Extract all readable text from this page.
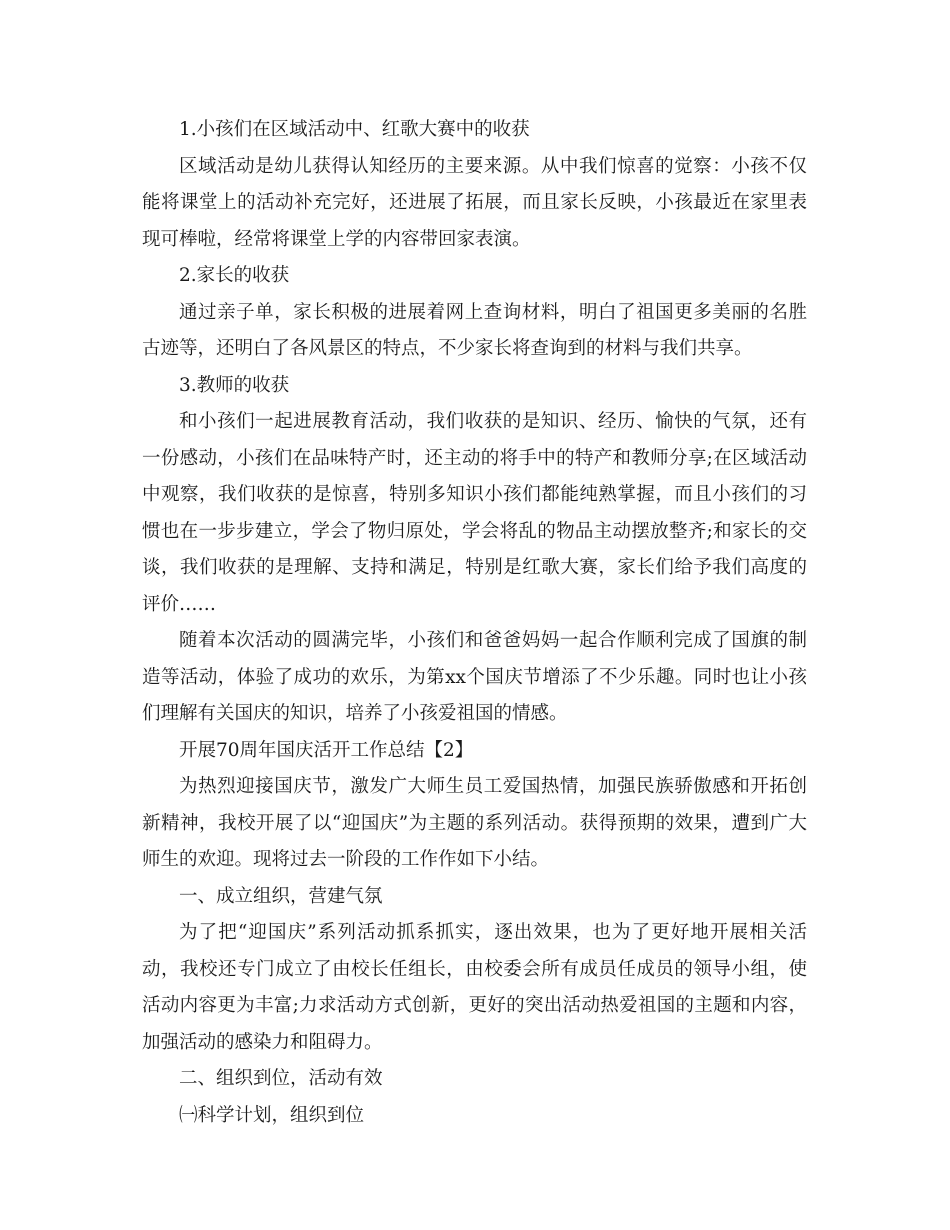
1.小孩们在区域活动中、红歌大赛中的收获

区域活动是幼儿获得认知经历的主要来源。从中我们惊喜的觉察：小孩不仅能将课堂上的活动补充完好，还进展了拓展，而且家长反映，小孩最近在家里表现可棒啦，经常将课堂上学的内容带回家表演。

2.家长的收获

通过亲子单，家长积极的进展着网上查询材料，明白了祖国更多美丽的名胜古迹等，还明白了各风景区的特点，不少家长将查询到的材料与我们共享。

3.教师的收获

和小孩们一起进展教育活动，我们收获的是知识、经历、愉快的气氛，还有一份感动，小孩们在品味特产时，还主动的将手中的特产和教师分享;在区域活动中观察，我们收获的是惊喜，特别多知识小孩们都能纯熟掌握，而且小孩们的习惯也在一步步建立，学会了物归原处，学会将乱的物品主动摆放整齐;和家长的交谈，我们收获的是理解、支持和满足，特别是红歌大赛，家长们给予我们高度的评价……

随着本次活动的圆满完毕，小孩们和爸爸妈妈一起合作顺利完成了国旗的制造等活动，体验了成功的欢乐，为第xx个国庆节增添了不少乐趣。同时也让小孩们理解有关国庆的知识，培养了小孩爱祖国的情感。

开展70周年国庆活开工作总结【2】

为热烈迎接国庆节，激发广大师生员工爱国热情，加强民族骄傲感和开拓创新精神，我校开展了以“迎国庆”为主题的系列活动。获得预期的效果，遭到广大师生的欢迎。现将过去一阶段的工作作如下小结。

一、成立组织，营建气氛

为了把“迎国庆”系列活动抓系抓实，逐出效果，也为了更好地开展相关活动，我校还专门成立了由校长任组长，由校委会所有成员任成员的领导小组，使活动内容更为丰富;力求活动方式创新，更好的突出活动热爱祖国的主题和内容，加强活动的感染力和阻碍力。

二、组织到位，活动有效

㈠科学计划，组织到位
